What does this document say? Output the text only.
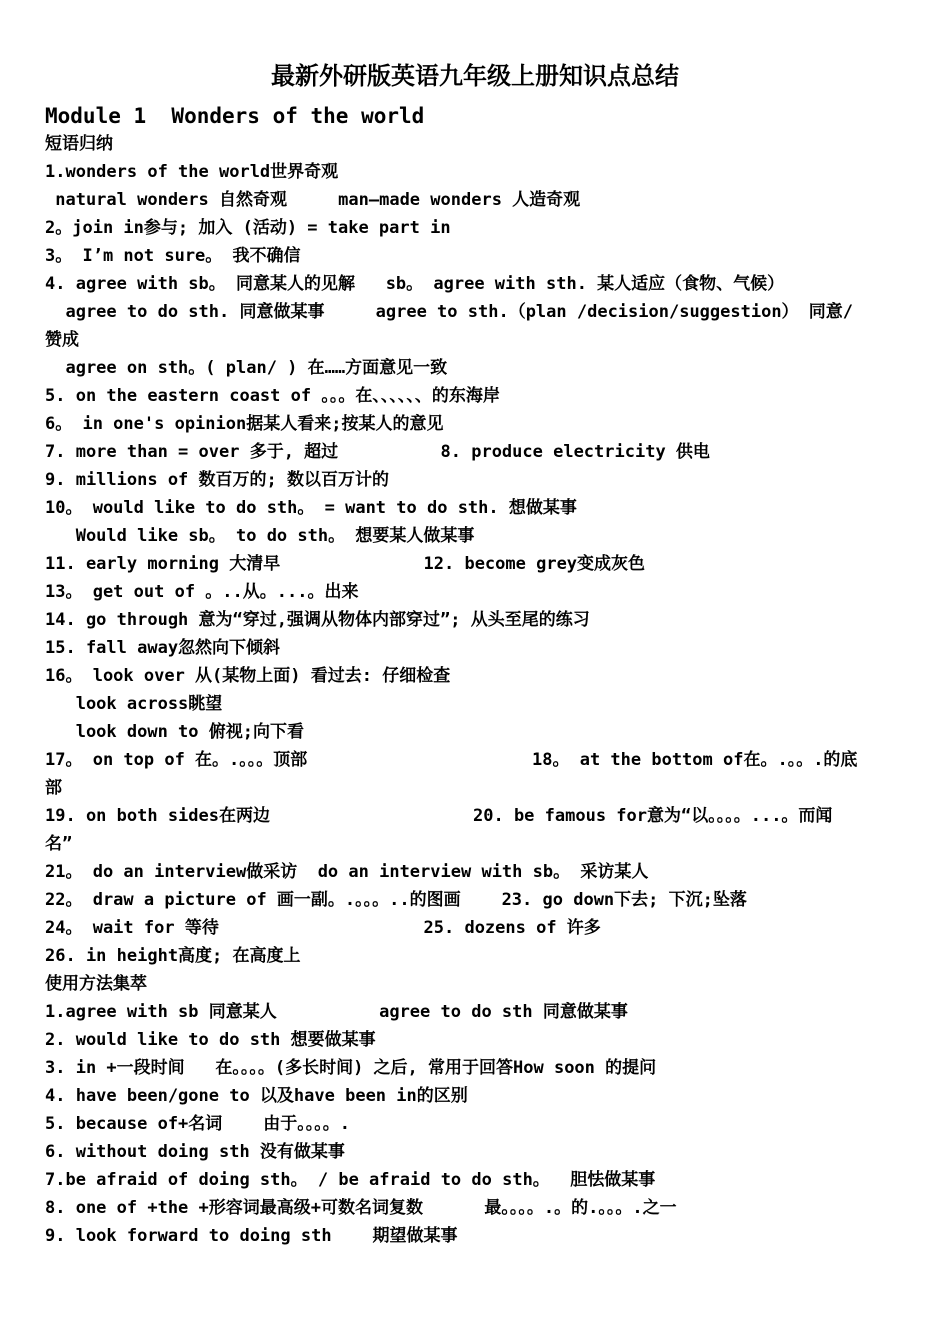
最新外研版英语九年级上册知识点总结
Module 1  Wonders of the world
短语归纳
1.wonders of the world世界奇观
natural wonders 自然奇观     man—made wonders 人造奇观
2。join in参与; 加入 (活动) = take part in
3。 I’m not sure。 我不确信
4. agree with sb。 同意某人的见解   sb。 agree with sth. 某人适应（食物、气候）
agree to do sth. 同意做某事     agree to sth.（plan /decision/suggestion） 同意/
赞成
agree on sth。( plan/ ) 在……方面意见一致
5. on the eastern coast of 。。。在、、、、、、的东海岸
6。 in one's opinion据某人看来;按某人的意见
7. more than = over 多于, 超过          8. produce electricity 供电
9. millions of 数百万的; 数以百万计的
10。 would like to do sth。 = want to do sth. 想做某事
Would like sb。 to do sth。 想要某人做某事
11. early morning 大清早              12. become grey变成灰色
13。 get out of 。..从。...。出来
14. go through 意为“穿过,强调从物体内部穿过”; 从头至尾的练习
15. fall away忽然向下倾斜
16。 look over 从(某物上面) 看过去: 仔细检查
look across眺望
look down to 俯视;向下看
17。 on top of 在。.。。。顶部	18。 at the bottom of在。.。。.的底
部
19. on both sides在两边	20. be famous for意为“以。。。。...。而闻
名”
21。 do an interview做采访  do an interview with sb。 采访某人
22。 draw a picture of 画一副。.。。。..的图画    23. go down下去; 下沉;坠落
24。 wait for 等待                    25. dozens of 许多
26. in height高度; 在高度上
使用方法集萃
1.agree with sb 同意某人          agree to do sth 同意做某事
2. would like to do sth 想要做某事
3. in +一段时间   在。。。。(多长时间) 之后, 常用于回答How soon 的提问
4. have been/gone to 以及have been in的区别
5. because of+名词    由于。。。。.
6. without doing sth 没有做某事
7.be afraid of doing sth。 / be afraid to do sth。  胆怯做某事
8. one of +the +形容词最高级+可数名词复数      最。。。。.。的.。。。.之一
9. look forward to doing sth    期望做某事
